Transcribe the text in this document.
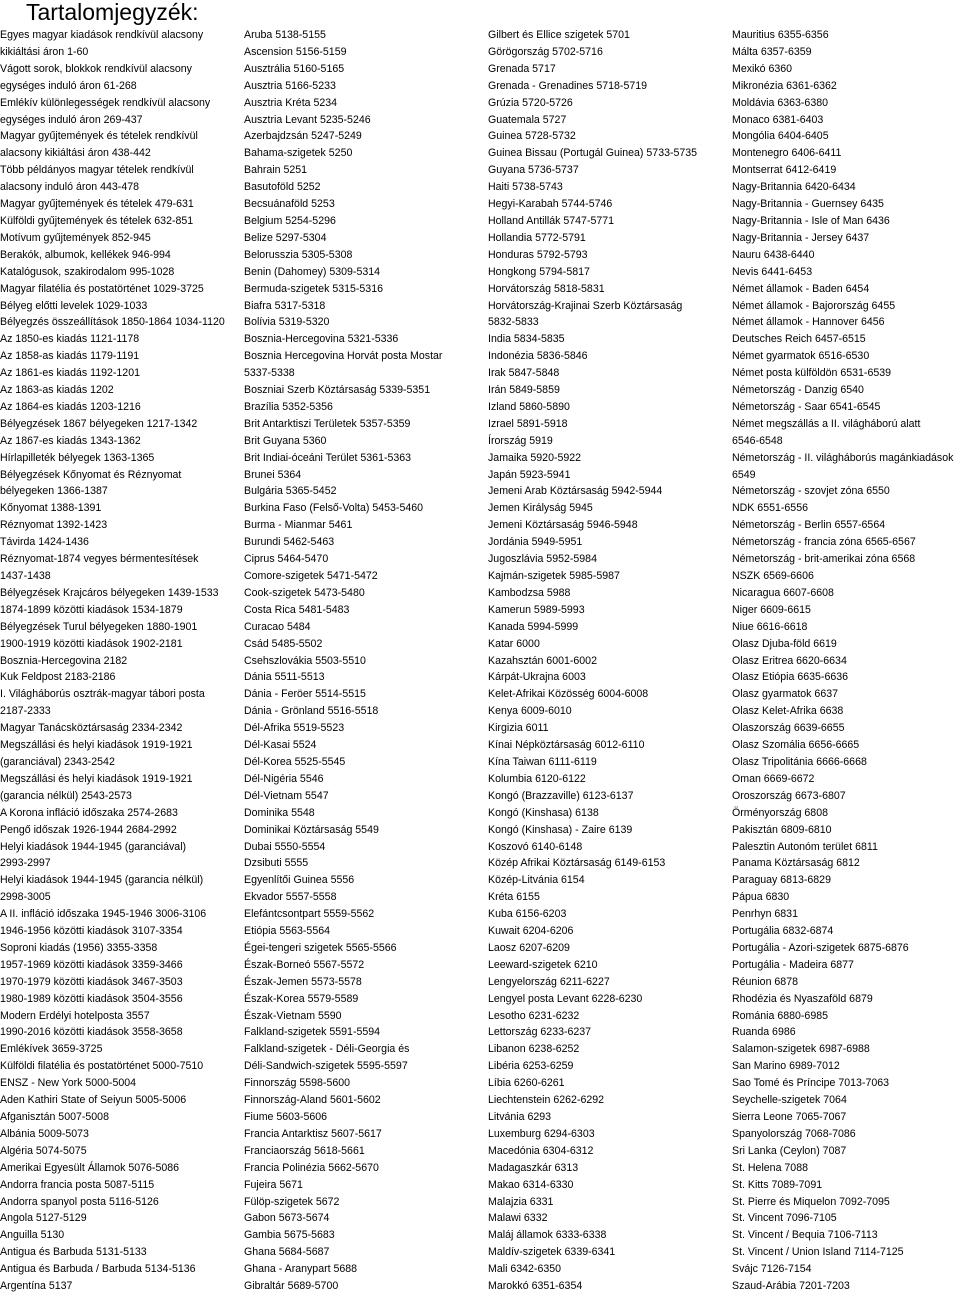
Tartalomjegyzék:
Egyes magyar kiadások rendkívül alacsony
kikiáltási áron 1-60
Vágott sorok, blokkok rendkívül alacsony
egységes induló áron 61-268
Emlékív különlegességek rendkívül alacsony
egységes induló áron 269-437
Magyar gyűjtemények és tételek rendkívül
alacsony kikiáltási áron 438-442
Több példányos magyar tételek rendkívül
alacsony induló áron 443-478
Magyar gyűjtemények és tételek 479-631
Külföldi gyűjtemények és tételek 632-851
Motívum gyűjtemények 852-945
Berakók, albumok, kellékek 946-994
Katalógusok, szakirodalom 995-1028
Magyar filatélia és postatörténet 1029-3725
Bélyeg előtti levelek 1029-1033
Bélyegzés összeállítások 1850-1864 1034-1120
Az 1850-es kiadás 1121-1178
Az 1858-as kiadás 1179-1191
Az 1861-es kiadás 1192-1201
Az 1863-as kiadás 1202
Az 1864-es kiadás 1203-1216
Bélyegzések 1867 bélyegeken 1217-1342
Az 1867-es kiadás 1343-1362
Hírlapilleték bélyegek 1363-1365
Bélyegzések Kőnyomat és Réznyomat
bélyegeken 1366-1387
Kőnyomat 1388-1391
Réznyomat 1392-1423
Távirda 1424-1436
Réznyomat-1874 vegyes bérmentesítések
1437-1438
Bélyegzések Krajcáros bélyegeken 1439-1533
1874-1899 közötti kiadások 1534-1879
Bélyegzések Turul bélyegeken 1880-1901
1900-1919 közötti kiadások 1902-2181
Bosznia-Hercegovina 2182
Kuk Feldpost 2183-2186
I. Világháborús osztrák-magyar tábori posta
2187-2333
Magyar Tanácsköztársaság 2334-2342
Megszállási és helyi kiadások 1919-1921
(garanciával) 2343-2542
Megszállási és helyi kiadások 1919-1921
(garancia nélkül) 2543-2573
A Korona infláció időszaka 2574-2683
Pengő időszak 1926-1944 2684-2992
Helyi kiadások 1944-1945 (garanciával)
2993-2997
Helyi kiadások 1944-1945 (garancia nélkül)
2998-3005
A II. infláció időszaka 1945-1946 3006-3106
1946-1956 közötti kiadások 3107-3354
Soproni kiadás (1956) 3355-3358
1957-1969 közötti kiadások 3359-3466
1970-1979 közötti kiadások 3467-3503
1980-1989 közötti kiadások 3504-3556
Modern Erdélyi hotelposta 3557
1990-2016 közötti kiadások 3558-3658
Emlékívek 3659-3725
Külföldi filatélia és postatörténet 5000-7510
ENSZ - New York 5000-5004
Aden Kathiri State of Seiyun 5005-5006
Afganisztán 5007-5008
Albánia 5009-5073
Algéria 5074-5075
Amerikai Egyesült Államok 5076-5086
Andorra francia posta 5087-5115
Andorra spanyol posta 5116-5126
Angola 5127-5129
Anguilla 5130
Antigua és Barbuda 5131-5133
Antigua és Barbuda / Barbuda 5134-5136
Argentína 5137
Aruba 5138-5155
Ascension 5156-5159
Ausztrália 5160-5165
Ausztria 5166-5233
Ausztria Kréta 5234
Ausztria Levant 5235-5246
Azerbajdzsán 5247-5249
Bahama-szigetek 5250
Bahrain 5251
Basutoföld 5252
Becsuánaföld 5253
Belgium 5254-5296
Belize 5297-5304
Belorusszia 5305-5308
Benin (Dahomey) 5309-5314
Bermuda-szigetek 5315-5316
Biafra 5317-5318
Bolívia 5319-5320
Bosznia-Hercegovina 5321-5336
Bosznia Hercegovina Horvát posta Mostar
5337-5338
Boszniai Szerb Köztársaság 5339-5351
Brazília 5352-5356
Brit Antarktiszi Területek 5357-5359
Brit Guyana 5360
Brit Indiai-óceáni Terület 5361-5363
Brunei 5364
Bulgária 5365-5452
Burkina Faso (Felső-Volta) 5453-5460
Burma - Mianmar 5461
Burundi 5462-5463
Ciprus 5464-5470
Comore-szigetek 5471-5472
Cook-szigetek 5473-5480
Costa Rica 5481-5483
Curacao 5484
Csád 5485-5502
Csehszlovákia 5503-5510
Dánia 5511-5513
Dánia - Feröer 5514-5515
Dánia - Grönland 5516-5518
Dél-Afrika 5519-5523
Dél-Kasai 5524
Dél-Korea 5525-5545
Dél-Nigéria 5546
Dél-Vietnam 5547
Dominika 5548
Dominikai Köztársaság 5549
Dubai 5550-5554
Dzsibuti 5555
Egyenlítői Guinea 5556
Ekvador 5557-5558
Elefántcsontpart 5559-5562
Etiópia 5563-5564
Égei-tengeri szigetek 5565-5566
Észak-Borneó 5567-5572
Észak-Jemen 5573-5578
Észak-Korea 5579-5589
Észak-Vietnam 5590
Falkland-szigetek 5591-5594
Falkland-szigetek - Déli-Georgia és
Déli-Sandwich-szigetek 5595-5597
Finnország 5598-5600
Finnország-Aland 5601-5602
Fiume 5603-5606
Francia Antarktisz 5607-5617
Franciaország 5618-5661
Francia Polinézia 5662-5670
Fujeira 5671
Fülöp-szigetek 5672
Gabon 5673-5674
Gambia 5675-5683
Ghana 5684-5687
Ghana - Aranypart 5688
Gibraltár 5689-5700
Gilbert és Ellice szigetek 5701
Görögország 5702-5716
Grenada 5717
Grenada - Grenadines 5718-5719
Grúzia 5720-5726
Guatemala 5727
Guinea 5728-5732
Guinea Bissau (Portugál Guinea) 5733-5735
Guyana 5736-5737
Haiti 5738-5743
Hegyi-Karabah 5744-5746
Holland Antillák 5747-5771
Hollandia 5772-5791
Honduras 5792-5793
Hongkong 5794-5817
Horvátország 5818-5831
Horvátország-Krajinai Szerb Köztársaság
5832-5833
India 5834-5835
Indonézia 5836-5846
Irak 5847-5848
Irán 5849-5859
Izland 5860-5890
Izrael 5891-5918
Írország 5919
Jamaika 5920-5922
Japán 5923-5941
Jemeni Arab Köztársaság 5942-5944
Jemen Királyság 5945
Jemeni Köztársaság 5946-5948
Jordánia 5949-5951
Jugoszlávia 5952-5984
Kajmán-szigetek 5985-5987
Kambodzsa 5988
Kamerun 5989-5993
Kanada 5994-5999
Katar 6000
Kazahsztán 6001-6002
Kárpát-Ukrajna 6003
Kelet-Afrikai Közösség 6004-6008
Kenya 6009-6010
Kirgizia 6011
Kínai Népköztársaság 6012-6110
Kína Taiwan 6111-6119
Kolumbia 6120-6122
Kongó (Brazzaville) 6123-6137
Kongó (Kinshasa) 6138
Kongó (Kinshasa) - Zaire 6139
Koszovó 6140-6148
Közép Afrikai Köztársaság 6149-6153
Közép-Litvánia 6154
Kréta 6155
Kuba 6156-6203
Kuwait 6204-6206
Laosz 6207-6209
Leeward-szigetek 6210
Lengyelország 6211-6227
Lengyel posta Levant 6228-6230
Lesotho 6231-6232
Lettország 6233-6237
Libanon 6238-6252
Libéria 6253-6259
Líbia 6260-6261
Liechtenstein 6262-6292
Litvánia 6293
Luxemburg 6294-6303
Macedónia 6304-6312
Madagaszkár 6313
Makao 6314-6330
Malajzia 6331
Malawi 6332
Maláj államok 6333-6338
Maldív-szigetek 6339-6341
Mali 6342-6350
Marokkó 6351-6354
Mauritius 6355-6356
Málta 6357-6359
Mexikó 6360
Mikronézia 6361-6362
Moldávia 6363-6380
Monaco 6381-6403
Mongólia 6404-6405
Montenegro 6406-6411
Montserrat 6412-6419
Nagy-Britannia 6420-6434
Nagy-Britannia - Guernsey 6435
Nagy-Britannia - Isle of Man 6436
Nagy-Britannia - Jersey 6437
Nauru 6438-6440
Nevis 6441-6453
Német államok - Baden 6454
Német államok - Bajorország 6455
Német államok - Hannover 6456
Deutsches Reich 6457-6515
Német gyarmatok 6516-6530
Német posta külföldön 6531-6539
Németország - Danzig 6540
Németország - Saar 6541-6545
Német megszállás a II. világháború alatt
6546-6548
Németország - II. világháborús magánkiadások
6549
Németország - szovjet zóna 6550
NDK 6551-6556
Németország - Berlin 6557-6564
Németország - francia zóna 6565-6567
Németország - brit-amerikai zóna 6568
NSZK 6569-6606
Nicaragua 6607-6608
Niger 6609-6615
Niue 6616-6618
Olasz Djuba-föld 6619
Olasz Eritrea 6620-6634
Olasz Etiópia 6635-6636
Olasz gyarmatok 6637
Olasz Kelet-Afrika 6638
Olaszország 6639-6655
Olasz Szomália 6656-6665
Olasz Tripolitánia 6666-6668
Oman 6669-6672
Oroszország 6673-6807
Örményország 6808
Pakisztán 6809-6810
Palesztin Autonóm terület 6811
Panama Köztársaság 6812
Paraguay 6813-6829
Pápua 6830
Penrhyn 6831
Portugália 6832-6874
Portugália - Azori-szigetek 6875-6876
Portugália - Madeira 6877
Réunion 6878
Rhodézia és Nyaszaföld 6879
Románia 6880-6985
Ruanda 6986
Salamon-szigetek 6987-6988
San Marino 6989-7012
Sao Tomé és Príncipe 7013-7063
Seychelle-szigetek 7064
Sierra Leone 7065-7067
Spanyolország 7068-7086
Sri Lanka (Ceylon) 7087
St. Helena 7088
St. Kitts 7089-7091
St. Pierre és Miquelon 7092-7095
St. Vincent 7096-7105
St. Vincent / Bequia 7106-7113
St. Vincent / Union Island 7114-7125
Svájc 7126-7154
Szaud-Arábia 7201-7203
